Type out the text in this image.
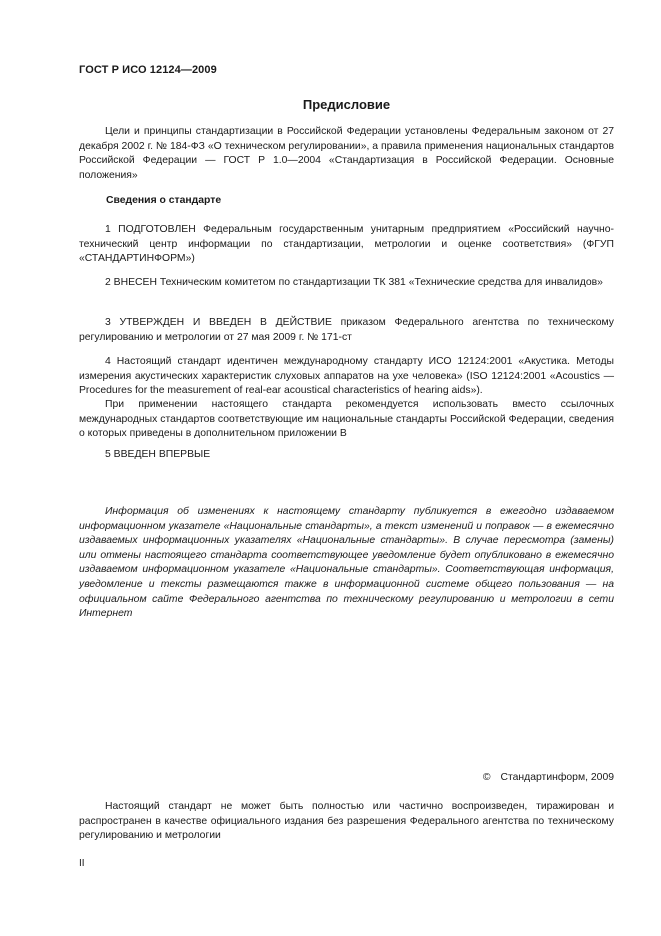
ГОСТ Р ИСО 12124—2009
Предисловие

Цели и принципы стандартизации в Российской Федерации установлены Федеральным законом от 27 декабря 2002 г. № 184-ФЗ «О техническом регулировании», а правила применения национальных стандартов Российской Федерации — ГОСТ Р 1.0—2004 «Стандартизация в Российской Федерации. Основные положения»

Сведения о стандарте

1 ПОДГОТОВЛЕН Федеральным государственным унитарным предприятием «Российский научно-технический центр информации по стандартизации, метрологии и оценке соответствия» (ФГУП «СТАНДАРТИНФОРМ»)

2 ВНЕСЕН Техническим комитетом по стандартизации ТК 381 «Технические средства для инвалидов»

3 УТВЕРЖДЕН И ВВЕДЕН В ДЕЙСТВИЕ приказом Федерального агентства по техническому регулированию и метрологии от 27 мая 2009 г. № 171-ст

4 Настоящий стандарт идентичен международному стандарту ИСО 12124:2001 «Акустика. Методы измерения акустических характеристик слуховых аппаратов на ухе человека» (ISO 12124:2001 «Acoustics — Procedures for the measurement of real-ear acoustical characteristics of hearing aids»).

При применении настоящего стандарта рекомендуется использовать вместо ссылочных международных стандартов соответствующие им национальные стандарты Российской Федерации, сведения о которых приведены в дополнительном приложении В

5 ВВЕДЕН ВПЕРВЫЕ

Информация об изменениях к настоящему стандарту публикуется в ежегодно издаваемом информационном указателе «Национальные стандарты», а текст изменений и поправок — в ежемесячно издаваемых информационных указателях «Национальные стандарты». В случае пересмотра (замены) или отмены настоящего стандарта соответствующее уведомление будет опубликовано в ежемесячно издаваемом информационном указателе «Национальные стандарты». Соответствующая информация, уведомление и тексты размещаются также в информационной системе общего пользования — на официальном сайте Федерального агентства по техническому регулированию и метрологии в сети Интернет

© Стандартинформ, 2009

Настоящий стандарт не может быть полностью или частично воспроизведен, тиражирован и распространен в качестве официального издания без разрешения Федерального агентства по техническому регулированию и метрологии

II
